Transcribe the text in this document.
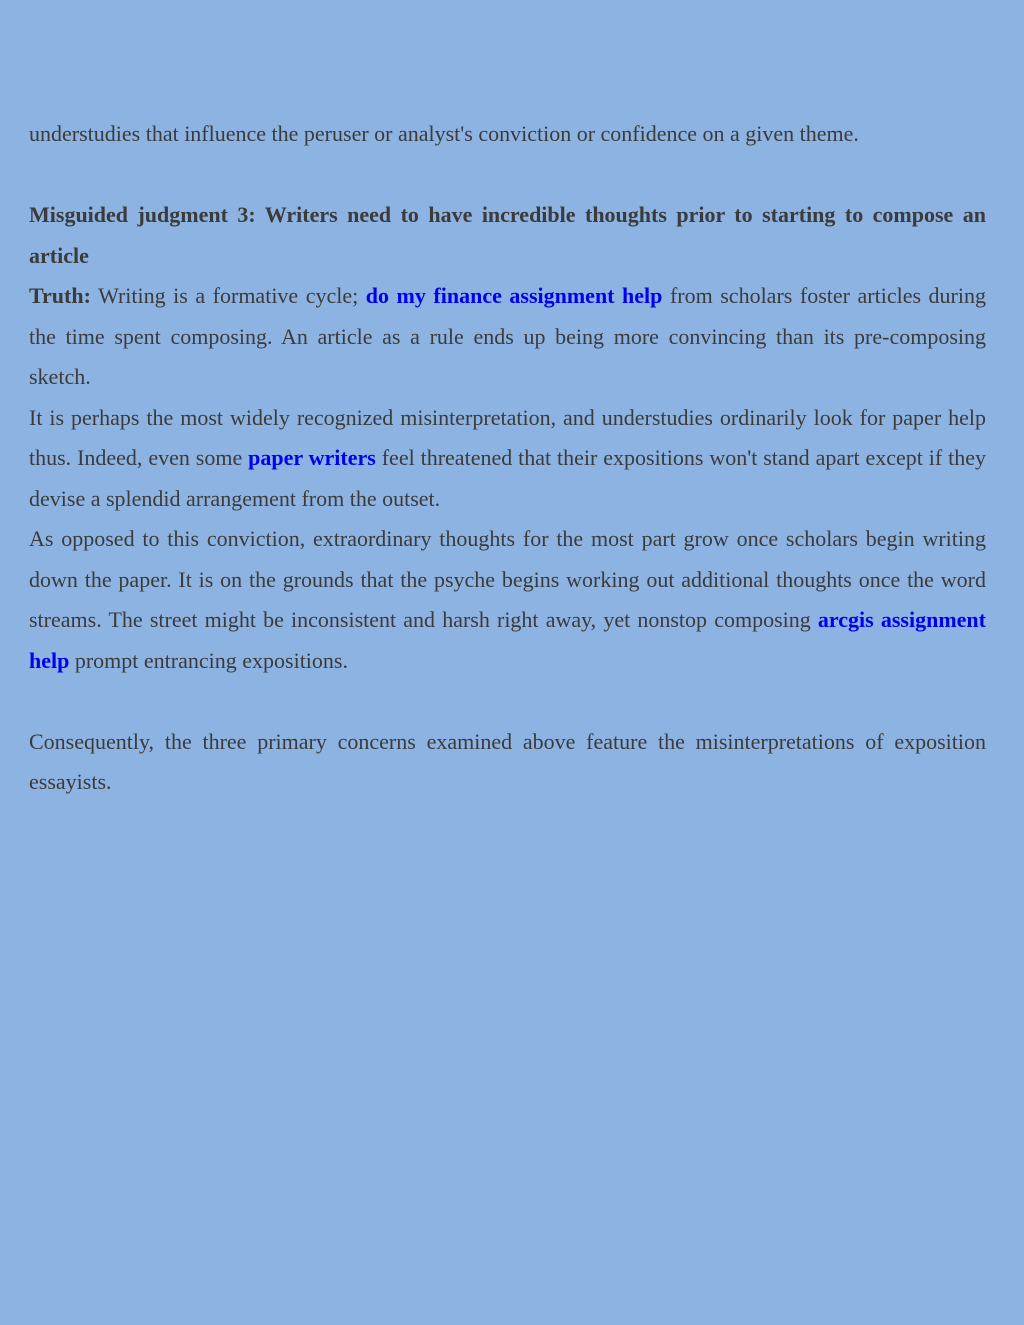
understudies that influence the peruser or analyst's conviction or confidence on a given theme.

Misguided judgment 3: Writers need to have incredible thoughts prior to starting to compose an article

Truth: Writing is a formative cycle; do my finance assignment help from scholars foster articles during the time spent composing. An article as a rule ends up being more convincing than its pre-composing sketch.

It is perhaps the most widely recognized misinterpretation, and understudies ordinarily look for paper help thus. Indeed, even some paper writers feel threatened that their expositions won't stand apart except if they devise a splendid arrangement from the outset.

As opposed to this conviction, extraordinary thoughts for the most part grow once scholars begin writing down the paper. It is on the grounds that the psyche begins working out additional thoughts once the word streams. The street might be inconsistent and harsh right away, yet nonstop composing arcgis assignment help prompt entrancing expositions.

Consequently, the three primary concerns examined above feature the misinterpretations of exposition essayists.
